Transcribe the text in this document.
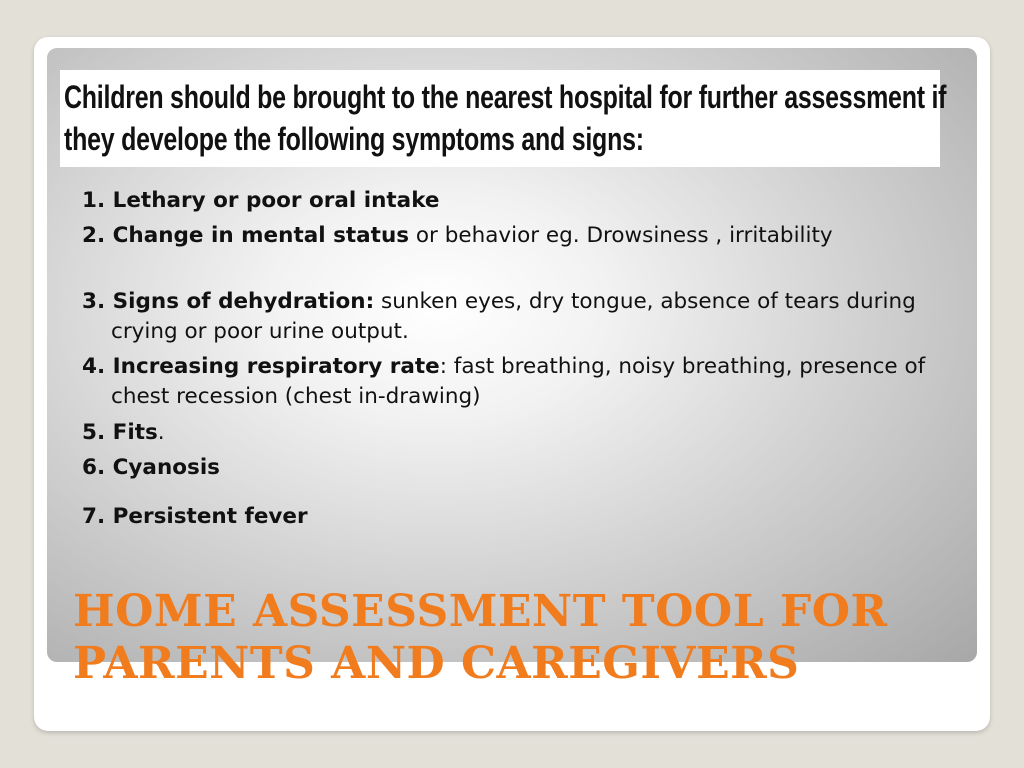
Children should be brought to the nearest hospital for further assessment if
they develope the following symptoms and signs:

1. Lethary or poor oral intake

2. Change in mental status or behavior eg. Drowsiness , irritability

3. Signs of dehydration: sunken eyes, dry tongue, absence of tears during crying or poor urine output.

4. Increasing respiratory rate: fast breathing, noisy breathing, presence of chest recession (chest in-drawing)

5. Fits.

6. Cyanosis

7. Persistent fever

HOME ASSESSMENT TOOL FOR
PARENTS AND CAREGIVERS
